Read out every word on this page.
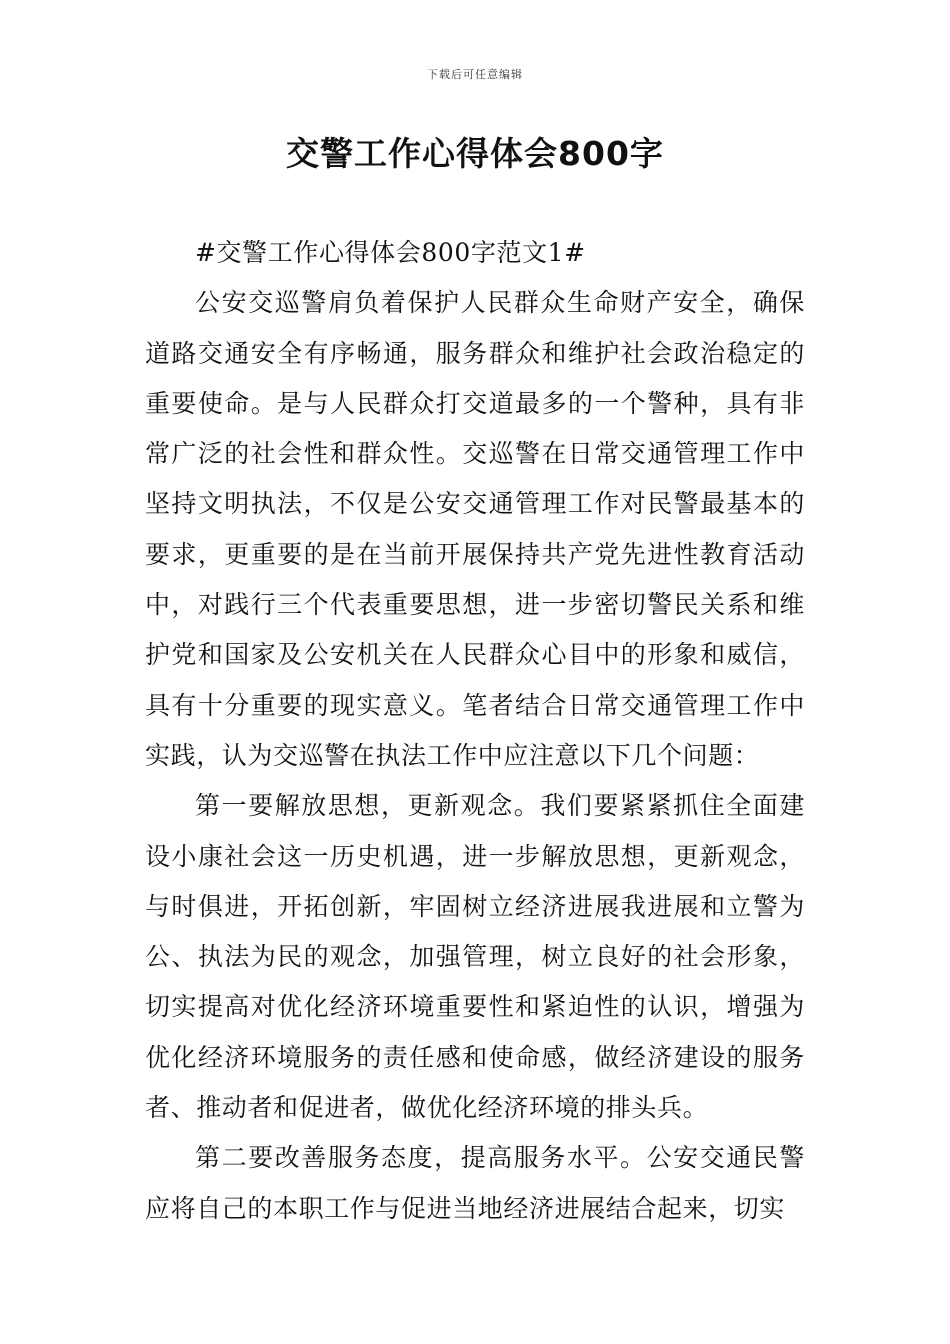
下载后可任意编辑
交警工作心得体会800字

#交警工作心得体会800字范文1#

公安交巡警肩负着保护人民群众生命财产安全，确保道路交通安全有序畅通，服务群众和维护社会政治稳定的重要使命。是与人民群众打交道最多的一个警种，具有非常广泛的社会性和群众性。交巡警在日常交通管理工作中坚持文明执法，不仅是公安交通管理工作对民警最基本的要求，更重要的是在当前开展保持共产党先进性教育活动中，对践行三个代表重要思想，进一步密切警民关系和维护党和国家及公安机关在人民群众心目中的形象和威信，具有十分重要的现实意义。笔者结合日常交通管理工作中实践，认为交巡警在执法工作中应注意以下几个问题：

第一要解放思想，更新观念。我们要紧紧抓住全面建设小康社会这一历史机遇，进一步解放思想，更新观念，与时俱进，开拓创新，牢固树立经济进展我进展和立警为公、执法为民的观念，加强管理，树立良好的社会形象，切实提高对优化经济环境重要性和紧迫性的认识，增强为优化经济环境服务的责任感和使命感，做经济建设的服务者、推动者和促进者，做优化经济环境的排头兵。

第二要改善服务态度，提高服务水平。公安交通民警应将自己的本职工作与促进当地经济进展结合起来，切实
